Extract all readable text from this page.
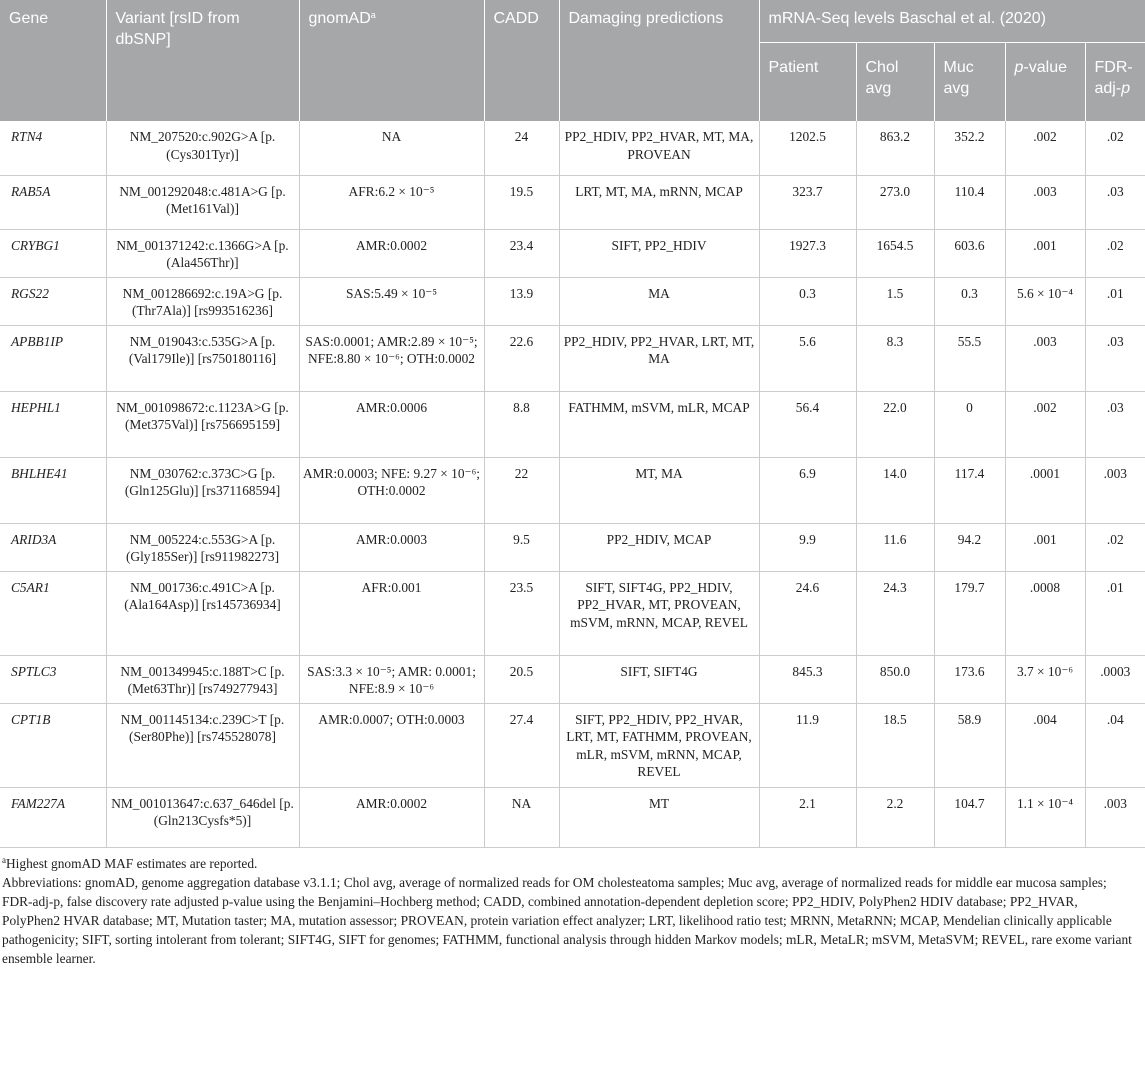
Gene	Variant [rsID from dbSNP]	gnomAD$^a$	CADD	Damaging predictions	mRNA-Seq levels Baschal et al. (2020)				
					Patient	Chol avg	Muc avg	p-value	FDR-adj-p
RTN4	NM_207520:c.902G>A [p.(Cys301Tyr)]	NA	24	PP2_HDIV, PP2_HVAR, MT, MA, PROVEAN	1202.5	863.2	352.2	.002	.02
RAB5A	NM_001292048:c.481A>G [p.(Met161Val)]	AFR:6.2 × 10⁻⁵	19.5	LRT, MT, MA, mRNN, MCAP	323.7	273.0	110.4	.003	.03
CRYBG1	NM_001371242:c.1366G>A [p.(Ala456Thr)]	AMR:0.0002	23.4	SIFT, PP2_HDIV	1927.3	1654.5	603.6	.001	.02
RGS22	NM_001286692:c.19A>G [p.(Thr7Ala)] [rs993516236]	SAS:5.49 × 10⁻⁵	13.9	MA	0.3	1.5	0.3	5.6 × 10⁻⁴	.01
APBB1IP	NM_019043:c.535G>A [p.(Val179Ile)] [rs750180116]	SAS:0.0001; AMR:2.89 × 10⁻⁵; NFE:8.80 × 10⁻⁶; OTH:0.0002	22.6	PP2_HDIV, PP2_HVAR, LRT, MT, MA	5.6	8.3	55.5	.003	.03
HEPHL1	NM_001098672:c.1123A>G [p.(Met375Val)] [rs756695159]	AMR:0.0006	8.8	FATHMM, mSVM, mLR, MCAP	56.4	22.0	0	.002	.03
BHLHE41	NM_030762:c.373C>G [p.(Gln125Glu)] [rs371168594]	AMR:0.0003; NFE: 9.27 × 10⁻⁶; OTH:0.0002	22	MT, MA	6.9	14.0	117.4	.0001	.003
ARID3A	NM_005224:c.553G>A [p.(Gly185Ser)] [rs911982273]	AMR:0.0003	9.5	PP2_HDIV, MCAP	9.9	11.6	94.2	.001	.02
C5AR1	NM_001736:c.491C>A [p.(Ala164Asp)] [rs145736934]	AFR:0.001	23.5	SIFT, SIFT4G, PP2_HDIV, PP2_HVAR, MT, PROVEAN, mSVM, mRNN, MCAP, REVEL	24.6	24.3	179.7	.0008	.01
SPTLC3	NM_001349945:c.188T>C [p.(Met63Thr)] [rs749277943]	SAS:3.3 × 10⁻⁵; AMR: 0.0001; NFE:8.9 × 10⁻⁶	20.5	SIFT, SIFT4G	845.3	850.0	173.6	3.7 × 10⁻⁶	.0003
CPT1B	NM_001145134:c.239C>T [p.(Ser80Phe)] [rs745528078]	AMR:0.0007; OTH:0.0003	27.4	SIFT, PP2_HDIV, PP2_HVAR, LRT, MT, FATHMM, PROVEAN, mLR, mSVM, mRNN, MCAP, REVEL	11.9	18.5	58.9	.004	.04
FAM227A	NM_001013647:c.637_646del [p.(Gln213Cysfs*5)]	AMR:0.0002	NA	MT	2.1	2.2	104.7	1.1 × 10⁻⁴	.003

$^a$Highest gnomAD MAF estimates are reported.

Abbreviations: gnomAD, genome aggregation database v3.1.1; Chol avg, average of normalized reads for OM cholesteatoma samples; Muc avg, average of normalized reads for middle ear mucosa samples; FDR-adj-p, false discovery rate adjusted p-value using the Benjamini–Hochberg method; CADD, combined annotation-dependent depletion score; PP2_HDIV, PolyPhen2 HDIV database; PP2_HVAR, PolyPhen2 HVAR database; MT, Mutation taster; MA, mutation assessor; PROVEAN, protein variation effect analyzer; LRT, likelihood ratio test; MRNN, MetaRNN; MCAP, Mendelian clinically applicable pathogenicity; SIFT, sorting intolerant from tolerant; SIFT4G, SIFT for genomes; FATHMM, functional analysis through hidden Markov models; mLR, MetaLR; mSVM, MetaSVM; REVEL, rare exome variant ensemble learner.
